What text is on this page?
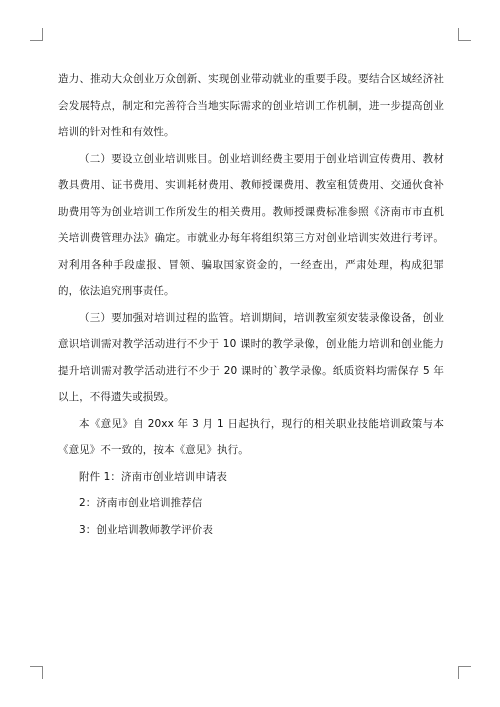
造力、推动大众创业万众创新、实现创业带动就业的重要手段。要结合区域经济社会发展特点，制定和完善符合当地实际需求的创业培训工作机制，进一步提高创业培训的针对性和有效性。

（二）要设立创业培训账目。创业培训经费主要用于创业培训宣传费用、教材教具费用、证书费用、实训耗材费用、教师授课费用、教室租赁费用、交通伙食补助费用等为创业培训工作所发生的相关费用。教师授课费标准参照《济南市市直机关培训费管理办法》确定。市就业办每年将组织第三方对创业培训实效进行考评。对利用各种手段虚报、冒领、骗取国家资金的，一经查出，严肃处理，构成犯罪的，依法追究刑事责任。

（三）要加强对培训过程的监管。培训期间，培训教室须安装录像设备，创业意识培训需对教学活动进行不少于 10 课时的教学录像，创业能力培训和创业能力提升培训需对教学活动进行不少于 20 课时的`教学录像。纸质资料均需保存 5 年以上，不得遗失或损毁。

本《意见》自 20xx 年 3 月 1 日起执行，现行的相关职业技能培训政策与本《意见》不一致的，按本《意见》执行。

附件 1：济南市创业培训申请表

2：济南市创业培训推荐信

3：创业培训教师教学评价表
